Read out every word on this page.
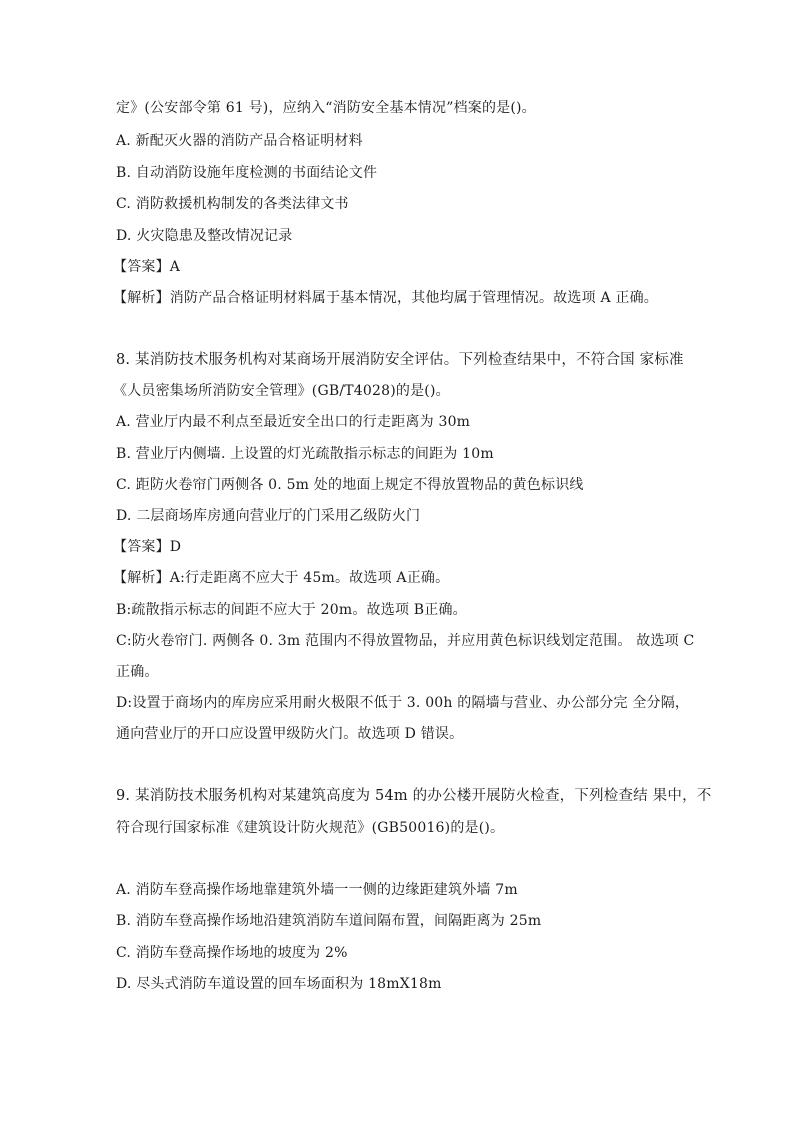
定》(公安部令第 61 号)，应纳入“消防安全基本情况”档案的是()。
A. 新配灭火器的消防产品合格证明材料
B. 自动消防设施年度检测的书面结论文件
C. 消防救援机构制发的各类法律文书
D. 火灾隐患及整改情况记录
【答案】A
【解析】消防产品合格证明材料属于基本情况，其他均属于管理情况。故选项 A 正确。
8. 某消防技术服务机构对某商场开展消防安全评估。下列检查结果中，不符合国 家标准
《人员密集场所消防安全管理》(GB/T4028)的是()。
A. 营业厅内最不利点至最近安全出口的行走距离为 30m
B. 营业厅内侧墙. 上设置的灯光疏散指示标志的间距为 10m
C. 距防火卷帘门两侧各 0. 5m 处的地面上规定不得放置物品的黄色标识线
D. 二层商场库房通向营业厅的门采用乙级防火门
【答案】D
【解析】A:行走距离不应大于 45m。故选项 A正确。
B:疏散指示标志的间距不应大于 20m。故选项 B正确。
C:防火卷帘门. 两侧各 0. 3m 范围内不得放置物品，并应用黄色标识线划定范围。 故选项 C
正确。
D:设置于商场内的库房应采用耐火极限不低于 3. 00h 的隔墙与营业、办公部分完 全分隔，
通向营业厅的开口应设置甲级防火门。故选项 D 错误。
9. 某消防技术服务机构对某建筑高度为 54m 的办公楼开展防火检查，下列检查结 果中，不
符合现行国家标准《建筑设计防火规范》(GB50016)的是()。
A. 消防车登高操作场地靠建筑外墙一一侧的边缘距建筑外墙 7m
B. 消防车登高操作场地沿建筑消防车道间隔布置，间隔距离为 25m
C. 消防车登高操作场地的坡度为 2%
D. 尽头式消防车道设置的回车场面积为 18mX18m
